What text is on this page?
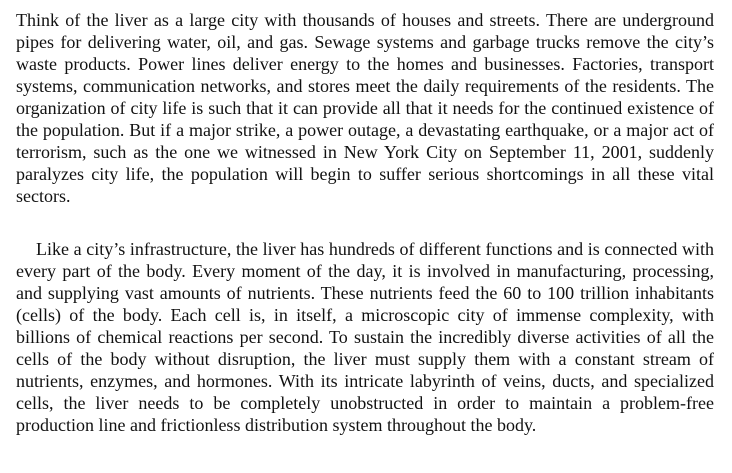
Think of the liver as a large city with thousands of houses and streets. There are underground pipes for delivering water, oil, and gas. Sewage systems and garbage trucks remove the city’s waste products. Power lines deliver energy to the homes and businesses. Factories, transport systems, communication networks, and stores meet the daily requirements of the residents. The organization of city life is such that it can provide all that it needs for the continued existence of the population. But if a major strike, a power outage, a devastating earthquake, or a major act of terrorism, such as the one we witnessed in New York City on September 11, 2001, suddenly paralyzes city life, the population will begin to suffer serious shortcomings in all these vital sectors.

Like a city’s infrastructure, the liver has hundreds of different functions and is connected with every part of the body. Every moment of the day, it is involved in manufacturing, processing, and supplying vast amounts of nutrients. These nutrients feed the 60 to 100 trillion inhabitants (cells) of the body. Each cell is, in itself, a microscopic city of immense complexity, with billions of chemical reactions per second. To sustain the incredibly diverse activities of all the cells of the body without disruption, the liver must supply them with a constant stream of nutrients, enzymes, and hormones. With its intricate labyrinth of veins, ducts, and specialized cells, the liver needs to be completely unobstructed in order to maintain a problem-free production line and frictionless distribution system throughout the body.
